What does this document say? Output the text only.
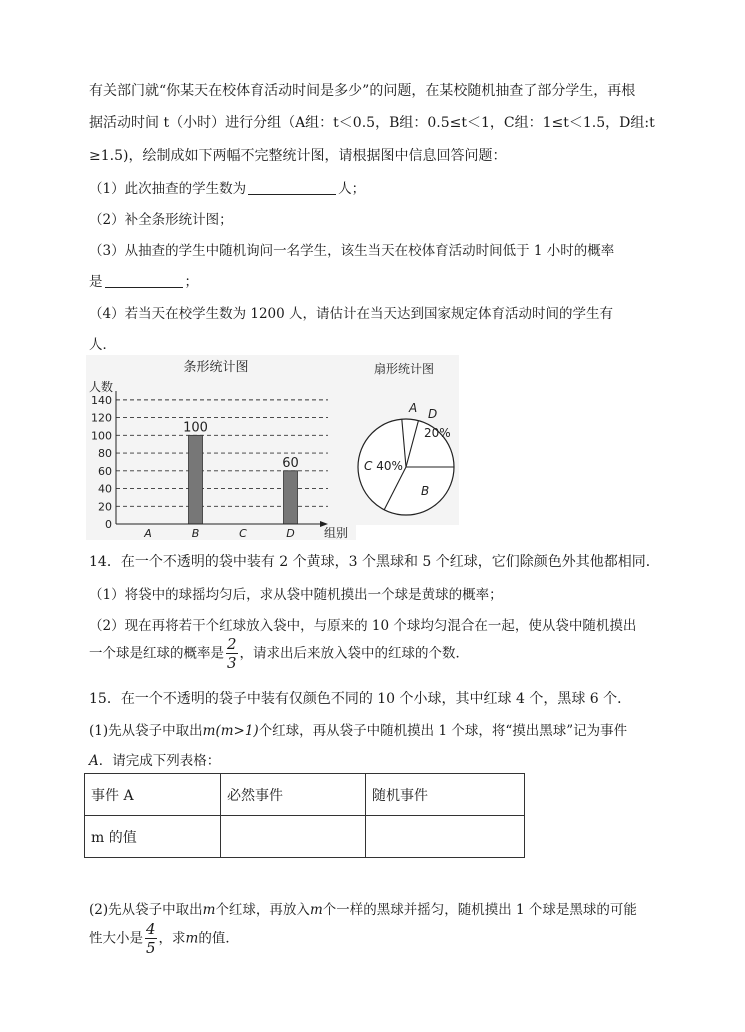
有关部门就“你某天在校体育活动时间是多少”的问题，在某校随机抽查了部分学生，再根
据活动时间 t（小时）进行分组（A组：t＜0.5，B组：0.5≤t＜1，C组：1≤t＜1.5，D组:t
≥1.5)，绘制成如下两幅不完整统计图，请根据图中信息回答问题：
（1）此次抽查的学生数为	人；
（2）补全条形统计图；
（3）从抽查的学生中随机询问一名学生，该生当天在校体育活动时间低于 1 小时的概率
是	；
（4）若当天在校学生数为 1200 人，请估计在当天达到国家规定体育活动时间的学生有
人．
条形统计图
人数
组别
0
20
40
60
80
100
120
140
100
60
A	B	C	D
扇形统计图
A D
20%
B
C 40%
14．在一个不透明的袋中装有 2 个黄球，3 个黑球和 5 个红球，它们除颜色外其他都相同．
（1）将袋中的球摇均匀后，求从袋中随机摸出一个球是黄球的概率；
（2）现在再将若干个红球放入袋中，与原来的 10 个球均匀混合在一起，使从袋中随机摸出
一个球是红球的概率是 $\frac{2}{3}$ ，请求出后来放入袋中的红球的个数．
15．在一个不透明的袋子中装有仅颜色不同的 10 个小球，其中红球 4 个，黑球 6 个．
(1)先从袋子中取出m(m>1)个红球，再从袋子中随机摸出 1 个球，将“摸出黑球”记为事件
A．请完成下列表格：
事件 A	必然事件	随机事件
m 的值		
(2)先从袋子中取出m个红球，再放入m个一样的黑球并摇匀，随机摸出 1 个球是黑球的可能
性大小是 $\frac{4}{5}$ ，求m的值．
